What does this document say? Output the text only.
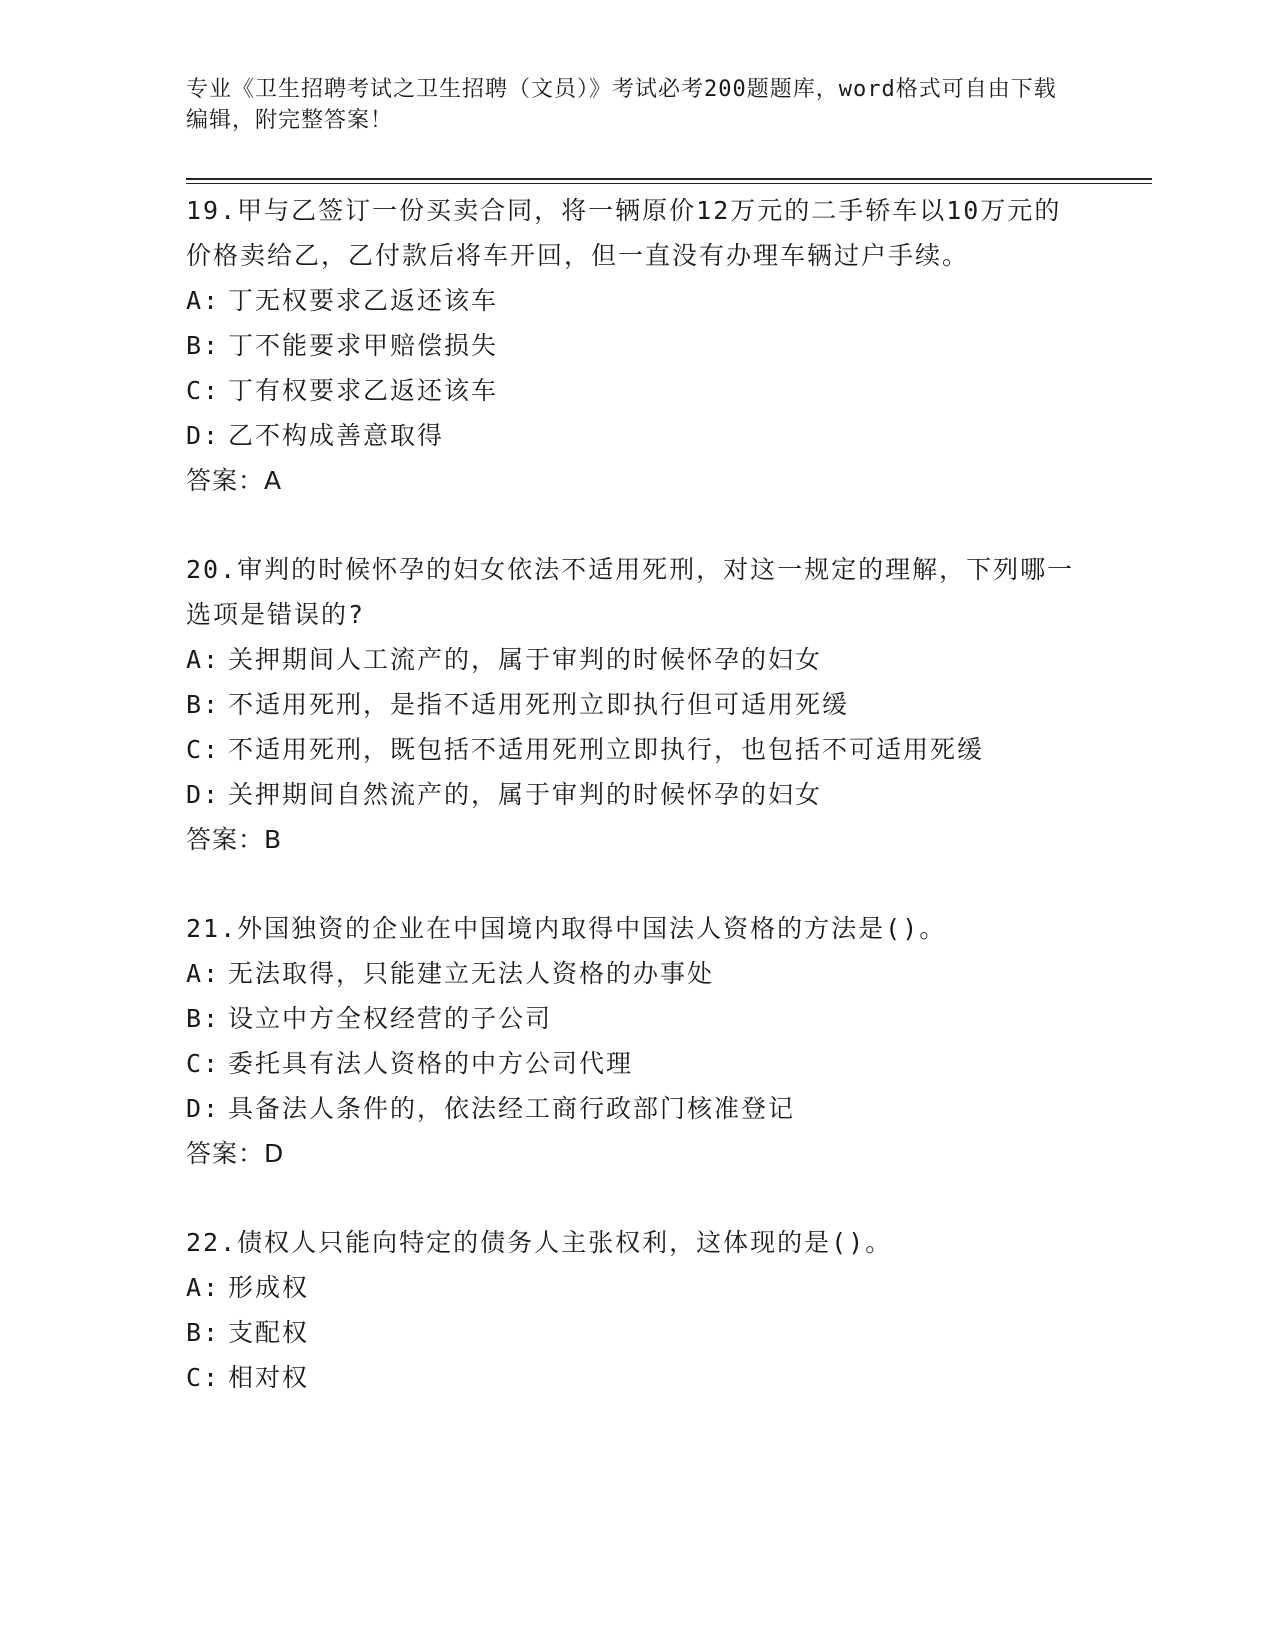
专业《卫生招聘考试之卫生招聘（文员）》考试必考200题题库，word格式可自由下载编辑，附完整答案！
19.甲与乙签订一份买卖合同，将一辆原价12万元的二手轿车以10万元的价格卖给乙，乙付款后将车开回，但一直没有办理车辆过户手续。
A: 丁无权要求乙返还该车
B: 丁不能要求甲赔偿损失
C: 丁有权要求乙返还该车
D: 乙不构成善意取得
答案：A
20.审判的时候怀孕的妇女依法不适用死刑，对这一规定的理解，下列哪一选项是错误的?
A: 关押期间人工流产的，属于审判的时候怀孕的妇女
B: 不适用死刑，是指不适用死刑立即执行但可适用死缓
C: 不适用死刑，既包括不适用死刑立即执行，也包括不可适用死缓
D: 关押期间自然流产的，属于审判的时候怀孕的妇女
答案：B
21.外国独资的企业在中国境内取得中国法人资格的方法是()。
A: 无法取得，只能建立无法人资格的办事处
B: 设立中方全权经营的子公司
C: 委托具有法人资格的中方公司代理
D: 具备法人条件的，依法经工商行政部门核准登记
答案：D
22.债权人只能向特定的债务人主张权利，这体现的是()。
A: 形成权
B: 支配权
C: 相对权
